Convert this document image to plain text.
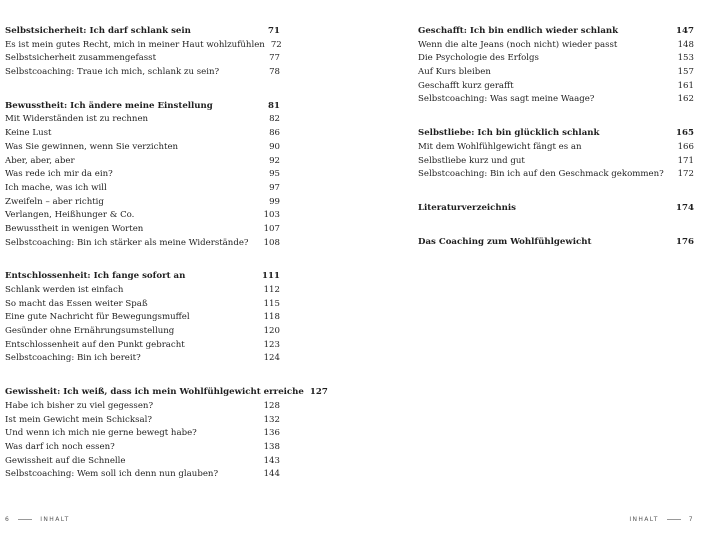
Selbstsicherheit: Ich darf schlank sein	71
Es ist mein gutes Recht, mich in meiner Haut wohlzufühlen 72
Selbstsicherheit zusammengefasst	77
Selbstcoaching: Traue ich mich, schlank zu sein?	78
Bewusstheit: Ich ändere meine Einstellung	81
Mit Widerständen ist zu rechnen	82
Keine Lust	86
Was Sie gewinnen, wenn Sie verzichten	90
Aber, aber, aber	92
Was rede ich mir da ein?	95
Ich mache, was ich will	97
Zweifeln – aber richtig	99
Verlangen, Heißhunger & Co.	103
Bewusstheit in wenigen Worten	107
Selbstcoaching: Bin ich stärker als meine Widerstände?	108
Entschlossenheit: Ich fange sofort an	111
Schlank werden ist einfach	112
So macht das Essen weiter Spaß	115
Eine gute Nachricht für Bewegungsmuffel	118
Gesünder ohne Ernährungsumstellung	120
Entschlossenheit auf den Punkt gebracht	123
Selbstcoaching: Bin ich bereit?	124
Gewissheit: Ich weiß, dass ich mein Wohlfühlgewicht erreiche 127
Habe ich bisher zu viel gegessen?	128
Ist mein Gewicht mein Schicksal?	132
Und wenn ich mich nie gerne bewegt habe?	136
Was darf ich noch essen?	138
Gewissheit auf die Schnelle	143
Selbstcoaching: Wem soll ich denn nun glauben?	144
6	INHALT
Geschafft: Ich bin endlich wieder schlank	147
Wenn die alte Jeans (noch nicht) wieder passt	148
Die Psychologie des Erfolgs	153
Auf Kurs bleiben	157
Geschafft kurz gerafft	161
Selbstcoaching: Was sagt meine Waage?	162
Selbstliebe: Ich bin glücklich schlank	165
Mit dem Wohlfühlgewicht fängt es an	166
Selbstliebe kurz und gut	171
Selbstcoaching: Bin ich auf den Geschmack gekommen?	172
Literaturverzeichnis	174
Das Coaching zum Wohlfühlgewicht	176
INHALT	7
